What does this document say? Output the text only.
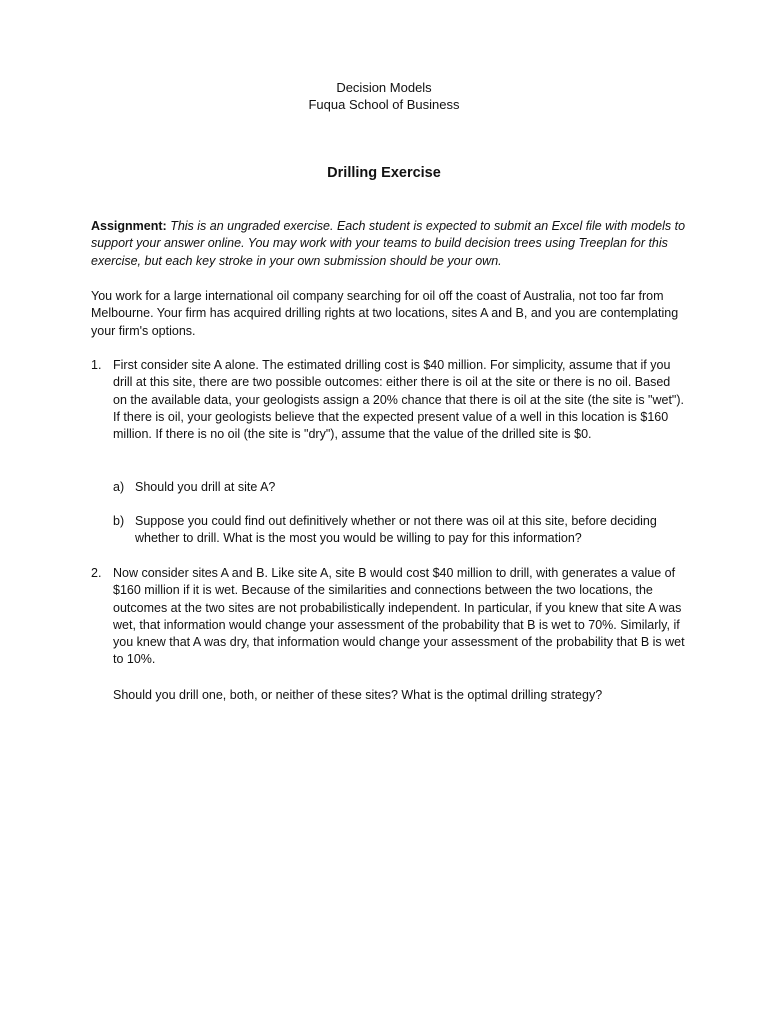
Decision Models
Fuqua School of Business
Drilling Exercise

Assignment: This is an ungraded exercise. Each student is expected to submit an Excel file with models to support your answer online. You may work with your teams to build decision trees using Treeplan for this exercise, but each key stroke in your own submission should be your own.

You work for a large international oil company searching for oil off the coast of Australia, not too far from Melbourne. Your firm has acquired drilling rights at two locations, sites A and B, and you are contemplating your firm's options.

1. First consider site A alone. The estimated drilling cost is $40 million. For simplicity, assume that if you drill at this site, there are two possible outcomes: either there is oil at the site or there is no oil. Based on the available data, your geologists assign a 20% chance that there is oil at the site (the site is "wet"). If there is oil, your geologists believe that the expected present value of a well in this location is $160 million. If there is no oil (the site is "dry"), assume that the value of the drilled site is $0.
a) Should you drill at site A?
b) Suppose you could find out definitively whether or not there was oil at this site, before deciding whether to drill. What is the most you would be willing to pay for this information?
2. Now consider sites A and B. Like site A, site B would cost $40 million to drill, with generates a value of $160 million if it is wet. Because of the similarities and connections between the two locations, the outcomes at the two sites are not probabilistically independent. In particular, if you knew that site A was wet, that information would change your assessment of the probability that B is wet to 70%. Similarly, if you knew that A was dry, that information would change your assessment of the probability that B is wet to 10%.
Should you drill one, both, or neither of these sites? What is the optimal drilling strategy?
